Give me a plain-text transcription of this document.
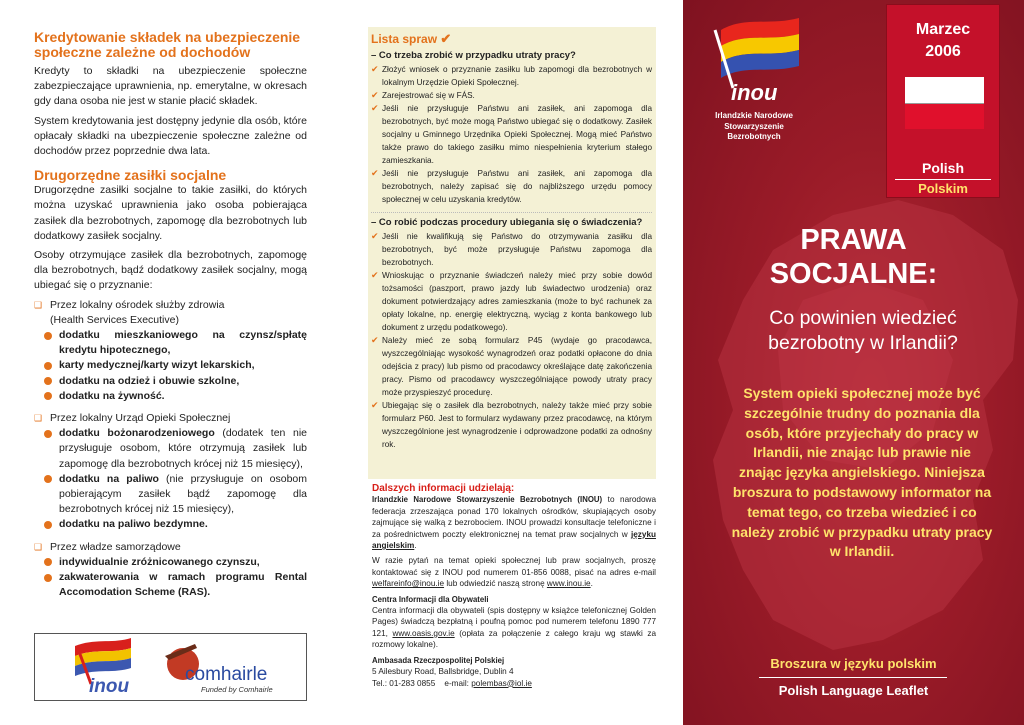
Kredytowanie składek na ubezpieczenie społeczne zależne od dochodów

Kredyty to składki na ubezpieczenie społeczne zabezpieczające uprawnienia, np. emerytalne, w okresach gdy dana osoba nie jest w stanie płacić składek.

System kredytowania jest dostępny jedynie dla osób, które opłacały składki na ubezpieczenie społeczne zależne od dochodów przez poprzednie dwa lata.

Drugorzędne zasiłki socjalne

Drugorzędne zasiłki socjalne to takie zasiłki, do których można uzyskać uprawnienia jako osoba pobierająca zasiłek dla bezrobotnych, zapomogę dla bezrobotnych lub dodatkowy zasiłek socjalny.

Osoby otrzymujące zasiłek dla bezrobotnych, zapomogę dla bezrobotnych, bądź dodatkowy zasiłek socjalny, mogą ubiegać się o przyznanie:

❑ Przez lokalny ośrodek służby zdrowia
(Health Services Executive)
dodatku mieszkaniowego na czynsz/spłatę kredytu hipotecznego,
karty medycznej/karty wizyt lekarskich,
dodatku na odzież i obuwie szkolne,
dodatku na żywność.
❑ Przez lokalny Urząd Opieki Społecznej
dodatku bożonarodzeniowego (dodatek ten nie przysługuje osobom, które otrzymują zasiłek lub zapomogę dla bezrobotnych krócej niż 15 miesięcy),
dodatku na paliwo (nie przysługuje on osobom pobierającym zasiłek bądź zapomogę dla bezrobotnych krócej niż 15 miesięcy),
dodatku na paliwo bezdymne.
❑ Przez władze samorządowe
indywidualnie zróżnicowanego czynszu,
zakwaterowania w ramach programu Rental Accomodation Scheme (RAS).
inou
comhairle
Funded by Comhairle
Lista spraw ✔
– Co trzeba zrobić w przypadku utraty pracy?
✔ Złożyć wniosek o przyznanie zasiłku lub zapomogi dla bezrobotnych w lokalnym Urzędzie Opieki Społecznej.
✔ Zarejestrować się w FÁS.
✔ Jeśli nie przysługuje Państwu ani zasiłek, ani zapomoga dla bezrobotnych, być może mogą Państwo ubiegać się o dodatkowy. Zasiłek socjalny u Gminnego Urzędnika Opieki Społecznej. Mogą mieć Państwo także prawo do takiego zasiłku mimo niespełnienia kryterium stałego zamieszkania.
✔ Jeśli nie przysługuje Państwu ani zasiłek, ani zapomoga dla bezrobotnych, należy zapisać się do najbliższego urzędu pomocy społecznej w celu uzyskania kredytów.
– Co robić podczas procedury ubiegania się o świadczenia?
✔ Jeśli nie kwalifikują się Państwo do otrzymywania zasiłku dla bezrobotnych, być może przysługuje Państwu zapomoga dla bezrobotnych.
✔ Wnioskując o przyznanie świadczeń należy mieć przy sobie dowód tożsamości (paszport, prawo jazdy lub świadectwo urodzenia) oraz dokument potwierdzający adres zamieszkania (może to być rachunek za opłaty lokalne, np. energię elektryczną, wyciąg z konta bankowego lub dokument z urzędu podatkowego).
✔ Należy mieć ze sobą formularz P45 (wydaje go pracodawca, wyszczególniając wysokość wynagrodzeń oraz podatki opłacone do dnia odejścia z pracy) lub pismo od pracodawcy określające datę zakończenia pracy. Pismo od pracodawcy wyszczególniające powody utraty pracy może przyspieszyć procedurę.
✔ Ubiegając się o zasiłek dla bezrobotnych, należy także mieć przy sobie formularz P60. Jest to formularz wydawany przez pracodawcę, na którym wyszczególnione jest wynagrodzenie i odprowadzone podatki za odnośny rok.
Dalszych informacji udzielają:

Irlandzkie Narodowe Stowarzyszenie Bezrobotnych (INOU) to narodowa federacja zrzeszająca ponad 170 lokalnych ośrodków, skupiających osoby zajmujące się walką z bezrobociem. INOU prowadzi konsultacje telefoniczne i za pośrednictwem poczty elektronicznej na temat praw socjalnych w języku angielskim.

W razie pytań na temat opieki społecznej lub praw socjalnych, proszę kontaktować się z INOU pod numerem 01-856 0088, pisać na adres e-mail welfareinfo@inou.ie lub odwiedzić naszą stronę www.inou.ie.

Centra Informacji dla Obywateli

Centra informacji dla obywateli (spis dostępny w książce telefonicznej Golden Pages) świadczą bezpłatną i poufną pomoc pod numerem telefonu 1890 777 121, www.oasis.gov.ie (opłata za połączenie z całego kraju wg stawki za rozmowy lokalne).

Ambasada Rzeczpospolitej Polskiej
5 Ailesbury Road, Ballsbridge, Dublin 4
Tel.: 01-283 0855 e-mail: polembas@iol.ie
inou
Irlandzkie Narodowe Stowarzyszenie Bezrobotnych
Marzec
2006
Polish
Polskim
PRAWA
SOCJALNE:
Co powinien wiedzieć bezrobotny w Irlandii?
System opieki społecznej może być szczególnie trudny do poznania dla osób, które przyjechały do pracy w Irlandii, nie znając lub prawie nie znając języka angielskiego. Niniejsza broszura to podstawowy informator na temat tego, co trzeba wiedzieć i co należy zrobić w przypadku utraty pracy w Irlandii.
Broszura w języku polskim
Polish Language Leaflet
